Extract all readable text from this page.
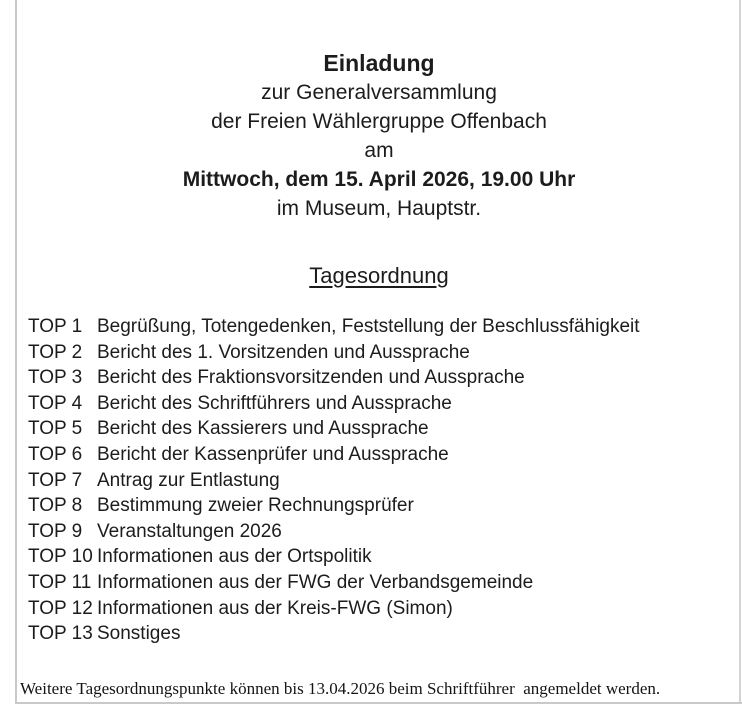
Einladung
zur Generalversammlung
der Freien Wählergruppe Offenbach
am
Mittwoch, dem 15. April 2026, 19.00 Uhr
im Museum, Hauptstr.
Tagesordnung
TOP 1 Begrüßung, Totengedenken, Feststellung der Beschlussfähigkeit
TOP 2 Bericht des 1. Vorsitzenden und Aussprache
TOP 3 Bericht des Fraktionsvorsitzenden und Aussprache
TOP 4 Bericht des Schriftführers und Aussprache
TOP 5 Bericht des Kassierers und Aussprache
TOP 6 Bericht der Kassenprüfer und Aussprache
TOP 7 Antrag zur Entlastung
TOP 8 Bestimmung zweier Rechnungsprüfer
TOP 9 Veranstaltungen 2026
TOP 10 Informationen aus der Ortspolitik
TOP 11 Informationen aus der FWG der Verbandsgemeinde
TOP 12 Informationen aus der Kreis-FWG (Simon)
TOP 13 Sonstiges
Weitere Tagesordnungspunkte können bis 13.04.2026 beim Schriftführer  angemeldet werden.
